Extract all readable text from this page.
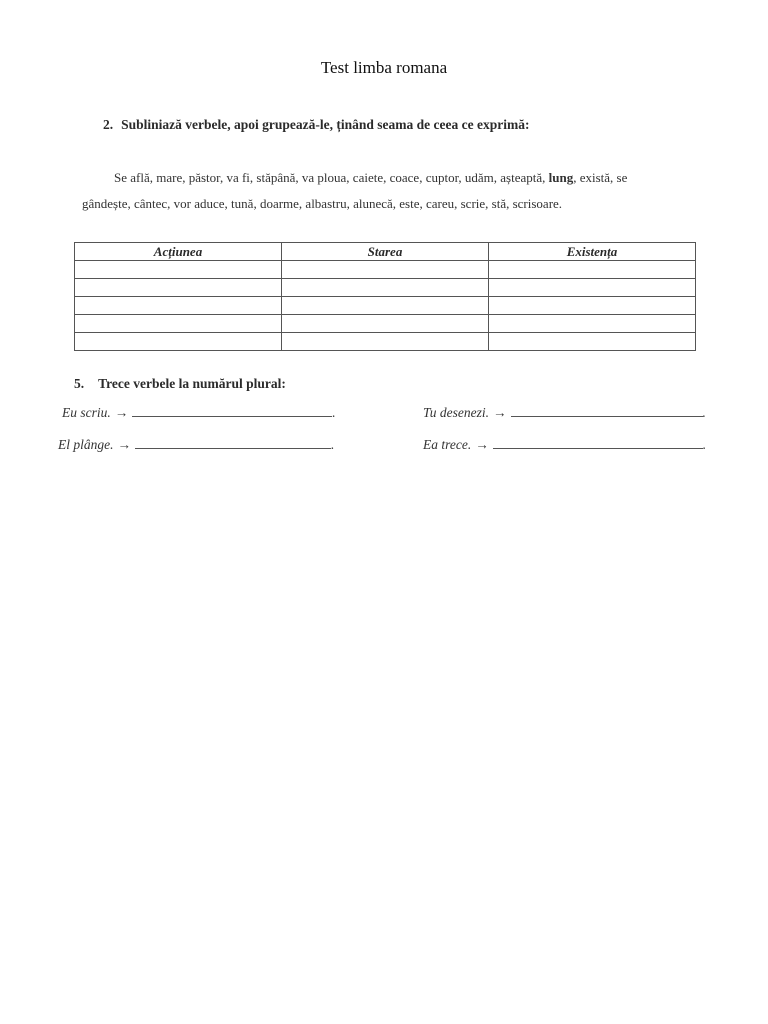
Test limba romana
2. Subliniază verbele, apoi grupează-le, ținând seama de ceea ce exprimă:
Se află, mare, păstor, va fi, stăpână, va ploua, caiete, coace, cuptor, udăm, așteaptă, lung, există, se
gândește, cântec, vor aduce, tună, doarme, albastru, alunecă, este, careu, scrie, stă, scrisoare.
Acțiunea	Starea	Existența

5. Trece verbele la numărul plural:
Eu scriu. →	.	Tu desenezi. →	.
El plânge. →	.	Ea trece. →	.
